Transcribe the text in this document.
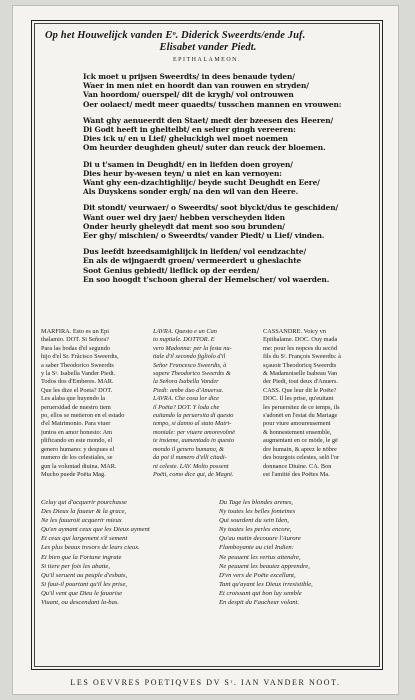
Op het Houwelijck vanden Eᵒ. Diderick Sweerdts/ende Juf.
Elisabet vander Piedt.
EPITHALAMEON.
Ick moet u prijsen Sweerdts/ in dees benaude tyden/
Waer in men niet en hoordt dan van rouwen en stryden/
Van hoordom/ ouerspel/ dit de krygh/ vol ontrouwen
Oer oolaect/ medt meer quaedts/ tusschen mannen en vrouwen:
Want ghy aenueerdt den Staet/ medt der bzeesen des Heeren/
Di Godt heeft in gheltelbt/ en seluer gingh vereeren:
Dies ick u/ en u Lief/ gheluckigh wel moet noemen
Om heurder deughden gheut/ suter dan reuck der bloemen.
Di u t'samen in Deughdt/ en in liefden doen groyen/
Dies heur by-wesen teyn/ u niet en kan vernoyen:
Want ghy een-dzachtighlijc/ beyde sucht Deughdt en Eere/
Als Duyskens sonder ergh/ na den wil van den Heere.
Dit stondt/ veurwaer/ o Sweerdts/ soot blyckt/dus te geschiden/
Want ouer wel dry jaer/ hebben verscheyden liden
Onder heurly gheleydt dat ment soo sou brunden/
Eer ghy/ mischien/ o Sweerdts/ vander Piedt/ u Lief/ vinden.
Dus leefdt bzeedsamighlijck in liefden/ vol eendzachte/
En als de wijngaerdt groen/ vermeerdert u gheslachte
Soot Genius gebiedt/ lieflick op der eerden/
En soo hoogdt t'schoon gheral der Hemelscher/ vol waerden.
MARFIRA. Esto es un Epi
thalamio. DOT. Si Señora?
Para las bodas d'el segundo
hijo d'el Sr. Frãcisco Sweerdts,
a saber Theodorico Sweerdts
y la Sᵃ. Isabella Vander Piedt.
Todos dos d'Emberes. MAR.
Que les dize el Poeta? DOT.
Les alaba que huyendo la
peruersidad de nuestro tiem
po, ellos se metieron en el estado
d'el Matrimonio. Para viuer
juntos en amor honesto: Am
plificando en este mondo, el
genero humano: y despues el
numero de los celestiales, se
gun la voluntad diuina. MAR.
Mucho puede Poëta Mag.
LAVRA. Questo e un Can
to nuptiale. DOTTOR. E
vero Madonna: per la festa nu-
tiale d'il secondo figliolo d'il
Señor Francesco Sweerdts, à
sapere Theodorico Sweerdts &
la Señora Isabella Vander
Piedt: ambe duo d'Anuersa.
LAVRA. Che cosa lor dice
il Poëta? DOT. Y loda che
euitando la peruersita di questo
tempo, si danno al stato Matri-
moniale: per viuere amorevolmē
te insieme, aumentado in questo
mondo il genero humano, &
da poi il numero d'elli citadi-
ni celeste. LAV. Molto possent
Poëti, como dice qui, de Magni.
CASSANDRE. Voicy vn
Epithalame. DOC. Ouy mada
me: pour les nopces du secōd
fils du Sʳ. François Sweerdts: à
sçauoir Theodoricq Sweerdts
& Madamoiselle Isabeau Van
der Piedt, tout deux d'Anuers.
CASS. Que leur dit le Poëte?
DOC. Il les prise, qu'euitant
les peruersitez de ce temps, ils
s'adonēt en l'estat du Mariage
pour viure amoureusement
& honnestement ensemble,
augmentant en ce mōde, le gē
dre humain, & aprez le nōbre
des bourgois celestes, selō l'or
donnance Diuine. CA. Bon
est l'amitié des Poëtes Ma.
Celuy qui d'acquerir pourchasse
Des Dieux la faueur & la grace,
Ne les fauuroit acquerir mieux
Qu'en aymant ceux que les Dieux ayment
Et ceux qui largement s'ě sement
Les plus beaux tresors de leurs cieux.
Et bien que la Fortune ingrate
Si tiere per fois les abatte,
Qu'il seruent au peuple d'esbats,
Si faut-il pourtant qu'il les prise,
Qu'il vent que Dieu le fauorise
Viuant, ou descendant la-bas.
Du Tage les blondes arenes,
Ny toutes les belles fonteines
Qui sourdent du sein Iden,
Ny toutes les perles encore,
Qu'au matin decouure l'Aurore
Flamboyante au ciel Indien:
Ne peuuent les vertus attendre,
Ne peuuent les beautez apprendre,
D'vn vers de Poëte excellant,
Tant qu'ayant les Dieux irresistible,
Et croissant qui bon luy semble
En despit du Faucheur volant.
LES OEVVRES POETIQVES DV Sʳ. IAN VANDER NOOT.
